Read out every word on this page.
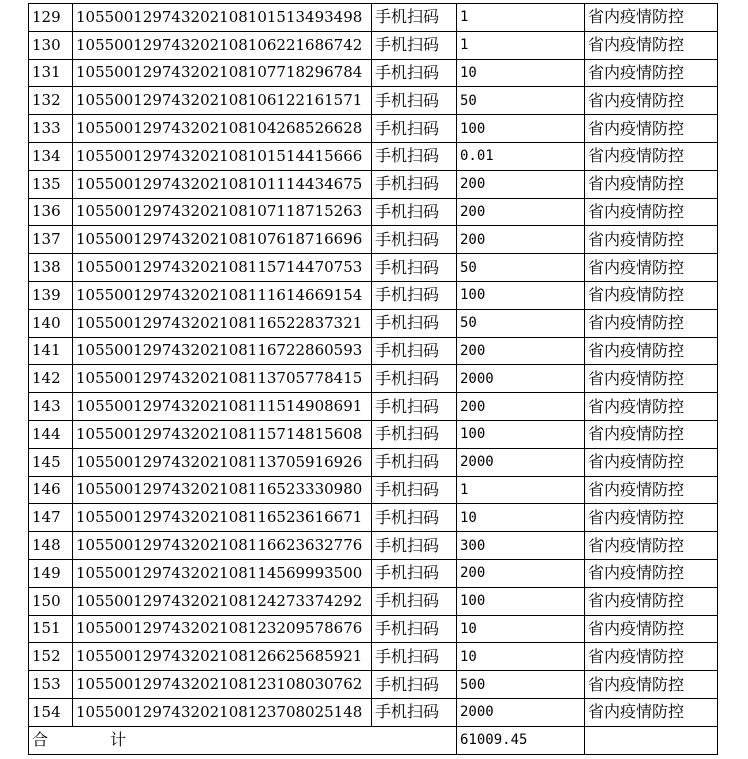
129	105500129743202108101513493498	手机扫码	1	省内疫情防控
130	105500129743202108106221686742	手机扫码	1	省内疫情防控
131	105500129743202108107718296784	手机扫码	10	省内疫情防控
132	105500129743202108106122161571	手机扫码	50	省内疫情防控
133	105500129743202108104268526628	手机扫码	100	省内疫情防控
134	105500129743202108101514415666	手机扫码	0.01	省内疫情防控
135	105500129743202108101114434675	手机扫码	200	省内疫情防控
136	105500129743202108107118715263	手机扫码	200	省内疫情防控
137	105500129743202108107618716696	手机扫码	200	省内疫情防控
138	105500129743202108115714470753	手机扫码	50	省内疫情防控
139	105500129743202108111614669154	手机扫码	100	省内疫情防控
140	105500129743202108116522837321	手机扫码	50	省内疫情防控
141	105500129743202108116722860593	手机扫码	200	省内疫情防控
142	105500129743202108113705778415	手机扫码	2000	省内疫情防控
143	105500129743202108111514908691	手机扫码	200	省内疫情防控
144	105500129743202108115714815608	手机扫码	100	省内疫情防控
145	105500129743202108113705916926	手机扫码	2000	省内疫情防控
146	105500129743202108116523330980	手机扫码	1	省内疫情防控
147	105500129743202108116523616671	手机扫码	10	省内疫情防控
148	105500129743202108116623632776	手机扫码	300	省内疫情防控
149	105500129743202108114569993500	手机扫码	200	省内疫情防控
150	105500129743202108124273374292	手机扫码	100	省内疫情防控
151	105500129743202108123209578676	手机扫码	10	省内疫情防控
152	105500129743202108126625685921	手机扫码	10	省内疫情防控
153	105500129743202108123108030762	手机扫码	500	省内疫情防控
154	105500129743202108123708025148	手机扫码	2000	省内疫情防控
合 计			61009.45	
